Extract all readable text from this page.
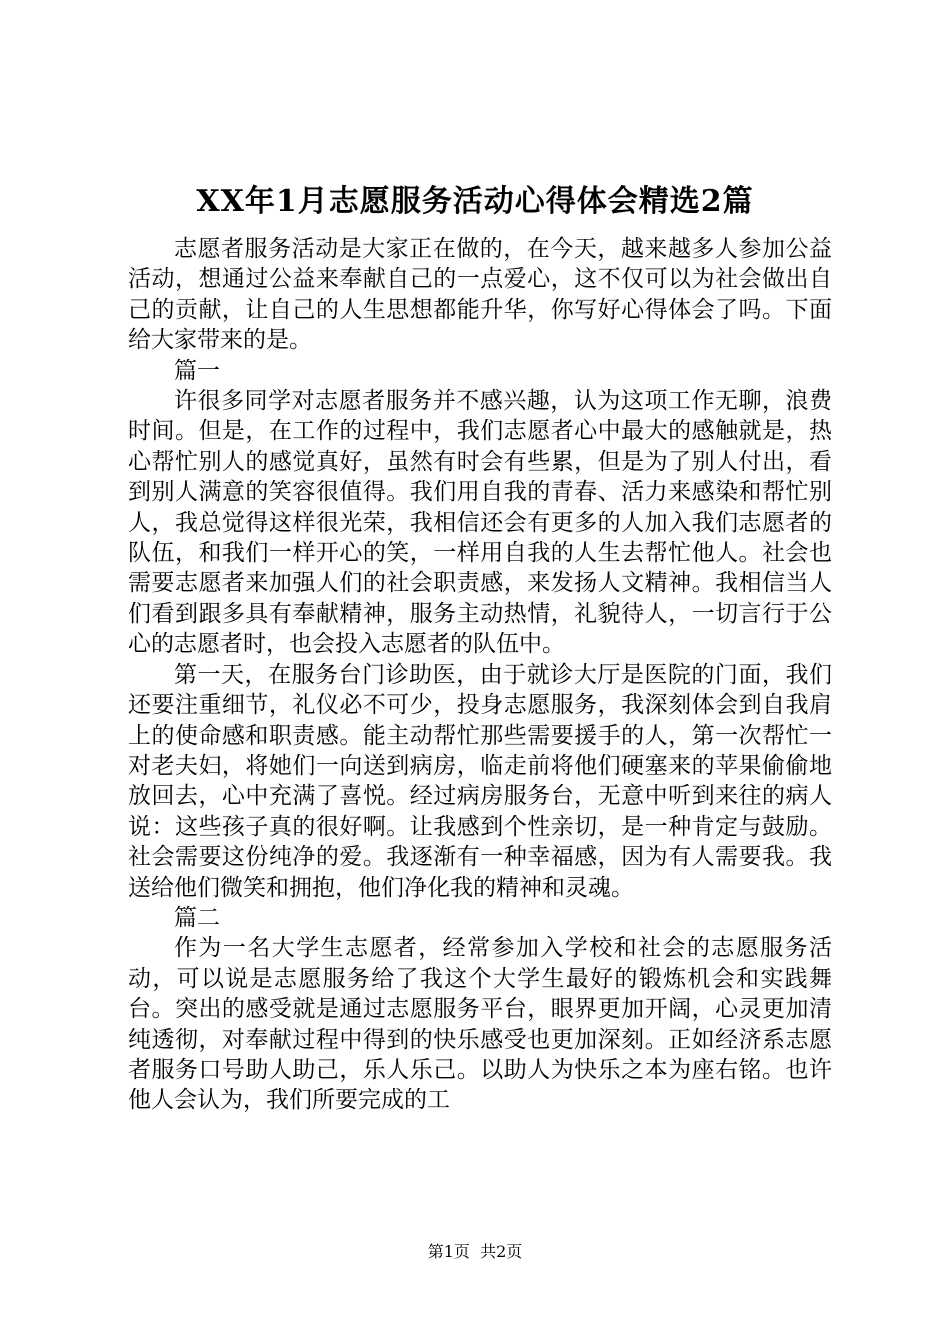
XX年1月志愿服务活动心得体会精选2篇

志愿者服务活动是大家正在做的，在今天，越来越多人参加公益活动，想通过公益来奉献自己的一点爱心，这不仅可以为社会做出自己的贡献，让自己的人生思想都能升华，你写好心得体会了吗。下面给大家带来的是。

篇一

许很多同学对志愿者服务并不感兴趣，认为这项工作无聊，浪费时间。但是，在工作的过程中，我们志愿者心中最大的感触就是，热心帮忙别人的感觉真好，虽然有时会有些累，但是为了别人付出，看到别人满意的笑容很值得。我们用自我的青春、活力来感染和帮忙别人，我总觉得这样很光荣，我相信还会有更多的人加入我们志愿者的队伍，和我们一样开心的笑，一样用自我的人生去帮忙他人。社会也需要志愿者来加强人们的社会职责感，来发扬人文精神。我相信当人们看到跟多具有奉献精神，服务主动热情，礼貌待人，一切言行于公心的志愿者时，也会投入志愿者的队伍中。

第一天，在服务台门诊助医，由于就诊大厅是医院的门面，我们还要注重细节，礼仪必不可少，投身志愿服务，我深刻体会到自我肩上的使命感和职责感。能主动帮忙那些需要援手的人，第一次帮忙一对老夫妇，将她们一向送到病房，临走前将他们硬塞来的苹果偷偷地放回去，心中充满了喜悦。经过病房服务台，无意中听到来往的病人说：这些孩子真的很好啊。让我感到个性亲切，是一种肯定与鼓励。社会需要这份纯净的爱。我逐渐有一种幸福感，因为有人需要我。我送给他们微笑和拥抱，他们净化我的精神和灵魂。

篇二

作为一名大学生志愿者，经常参加入学校和社会的志愿服务活动，可以说是志愿服务给了我这个大学生最好的锻炼机会和实践舞台。突出的感受就是通过志愿服务平台，眼界更加开阔，心灵更加清纯透彻，对奉献过程中得到的快乐感受也更加深刻。正如经济系志愿者服务口号助人助己，乐人乐己。以助人为快乐之本为座右铭。也许他人会认为，我们所要完成的工

第1页 共2页
